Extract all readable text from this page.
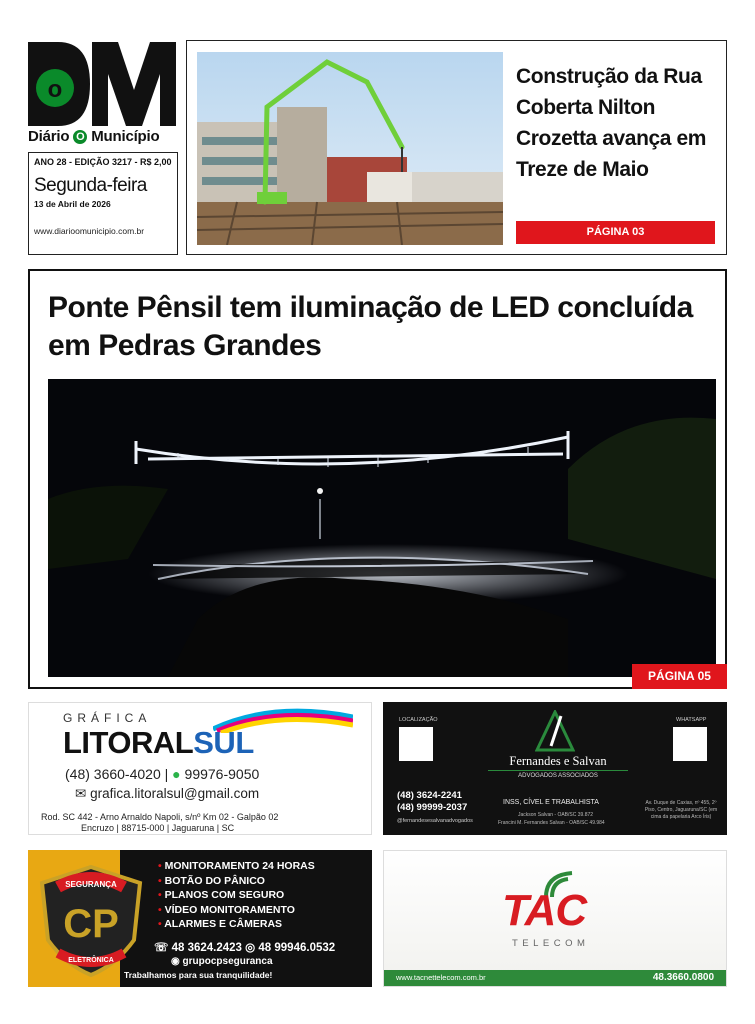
o
Diário O Município
ANO 28 - EDIÇÃO 3217 - R$ 2,00
Segunda-feira
13 de Abril de 2026
www.diarioomunicipio.com.br
Construção da Rua Coberta Nilton Crozetta avança em Treze de Maio
PÁGINA 03
Ponte Pênsil tem iluminação de LED concluída em Pedras Grandes
PÁGINA 05
GRÁFICA
LITORALSUL
(48) 3660-4020 | ● 99976-9050
✉ grafica.litoralsul@gmail.com
Rod. SC 442 - Arno Arnaldo Napoli, s/nº Km 02 - Galpão 02
Encruzo | 88715-000 | Jaguaruna | SC
LOCALIZAÇÃO	WHATSAPP
Fernandes e Salvan
ADVOGADOS ASSOCIADOS
(48) 3624-2241
(48) 99999-2037
@fernandesesalvanadvogados
INSS, CÍVEL E TRABALHISTA
Jackson Salvan - OAB/SC 39.872
Francini M. Fernandes Salvan - OAB/SC 49.984
Av. Duque de Caxias, nº 455, 2º Piso, Centro, Jaguaruna/SC (em cima da papelaria Arco Íris)
SEGURANÇA
CP
ELETRÔNICA
• MONITORAMENTO 24 HORAS
• BOTÃO DO PÂNICO
• PLANOS COM SEGURO
• VÍDEO MONITORAMENTO
• ALARMES E CÂMERAS
☏ 48 3624.2423 ◎ 48 99946.0532
◉ grupocpseguranca
Trabalhamos para sua tranquilidade!
TAC
TELECOM
www.tacnettelecom.com.br	48.3660.0800
